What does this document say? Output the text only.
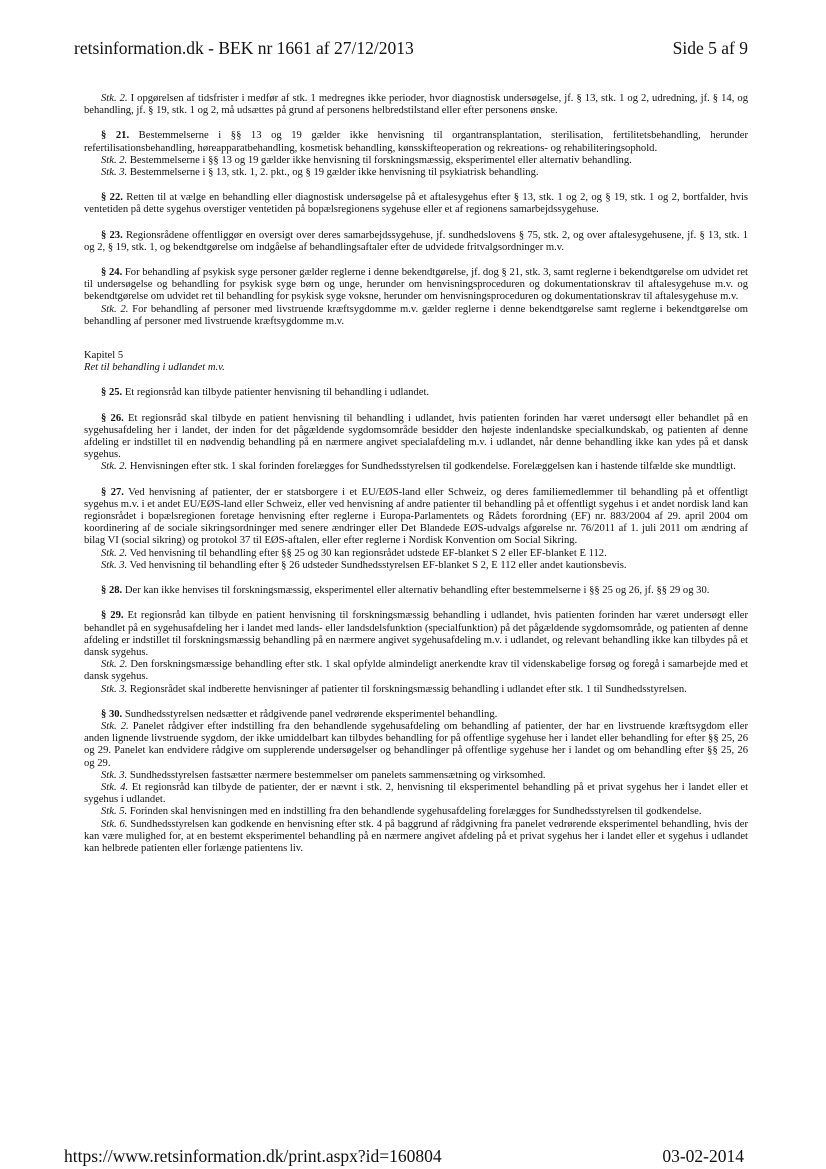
retsinformation.dk - BEK nr 1661 af 27/12/2013	Side 5 af 9

Stk. 2. I opgørelsen af tidsfrister i medfør af stk. 1 medregnes ikke perioder, hvor diagnostisk undersøgelse, jf. § 13, stk. 1 og 2, udredning, jf. § 14, og behandling, jf. § 19, stk. 1 og 2, må udsættes på grund af personens helbredstilstand eller efter personens ønske.

§ 21. Bestemmelserne i §§ 13 og 19 gælder ikke henvisning til organtransplantation, sterilisation, fertilitetsbehandling, herunder refertilisationsbehandling, høreapparatbehandling, kosmetisk behandling, kønsskifteoperation og rekreations- og rehabiliteringsophold.

Stk. 2. Bestemmelserne i §§ 13 og 19 gælder ikke henvisning til forskningsmæssig, eksperimentel eller alternativ behandling.

Stk. 3. Bestemmelserne i § 13, stk. 1, 2. pkt., og § 19 gælder ikke henvisning til psykiatrisk behandling.

§ 22. Retten til at vælge en behandling eller diagnostisk undersøgelse på et aftalesygehus efter § 13, stk. 1 og 2, og § 19, stk. 1 og 2, bortfalder, hvis ventetiden på dette sygehus overstiger ventetiden på bopælsregionens sygehuse eller et af regionens samarbejdssygehuse.

§ 23. Regionsrådene offentliggør en oversigt over deres samarbejdssygehuse, jf. sundhedslovens § 75, stk. 2, og over aftalesygehusene, jf. § 13, stk. 1 og 2, § 19, stk. 1, og bekendtgørelse om indgåelse af behandlingsaftaler efter de udvidede fritvalgsordninger m.v.

§ 24. For behandling af psykisk syge personer gælder reglerne i denne bekendtgørelse, jf. dog § 21, stk. 3, samt reglerne i bekendtgørelse om udvidet ret til undersøgelse og behandling for psykisk syge børn og unge, herunder om henvisningsproceduren og dokumentationskrav til aftalesygehuse m.v. og bekendtgørelse om udvidet ret til behandling for psykisk syge voksne, herunder om henvisningsproceduren og dokumentationskrav til aftalesygehuse m.v.

Stk. 2. For behandling af personer med livstruende kræftsygdomme m.v. gælder reglerne i denne bekendtgørelse samt reglerne i bekendtgørelse om behandling af personer med livstruende kræftsygdomme m.v.

Kapitel 5

Ret til behandling i udlandet m.v.

§ 25. Et regionsråd kan tilbyde patienter henvisning til behandling i udlandet.

§ 26. Et regionsråd skal tilbyde en patient henvisning til behandling i udlandet, hvis patienten forinden har været undersøgt eller behandlet på en sygehusafdeling her i landet, der inden for det pågældende sygdomsområde besidder den højeste indenlandske specialkundskab, og patienten af denne afdeling er indstillet til en nødvendig behandling på en nærmere angivet specialafdeling m.v. i udlandet, når denne behandling ikke kan ydes på et dansk sygehus.

Stk. 2. Henvisningen efter stk. 1 skal forinden forelægges for Sundhedsstyrelsen til godkendelse. Forelæggelsen kan i hastende tilfælde ske mundtligt.

§ 27. Ved henvisning af patienter, der er statsborgere i et EU/EØS-land eller Schweiz, og deres familiemedlemmer til behandling på et offentligt sygehus m.v. i et andet EU/EØS-land eller Schweiz, eller ved henvisning af andre patienter til behandling på et offentligt sygehus i et andet nordisk land kan regionsrådet i bopælsregionen foretage henvisning efter reglerne i Europa-Parlamentets og Rådets forordning (EF) nr. 883/2004 af 29. april 2004 om koordinering af de sociale sikringsordninger med senere ændringer eller Det Blandede EØS-udvalgs afgørelse nr. 76/2011 af 1. juli 2011 om ændring af bilag VI (social sikring) og protokol 37 til EØS-aftalen, eller efter reglerne i Nordisk Konvention om Social Sikring.

Stk. 2. Ved henvisning til behandling efter §§ 25 og 30 kan regionsrådet udstede EF-blanket S 2 eller EF-blanket E 112.

Stk. 3. Ved henvisning til behandling efter § 26 udsteder Sundhedsstyrelsen EF-blanket S 2, E 112 eller andet kautionsbevis.

§ 28. Der kan ikke henvises til forskningsmæssig, eksperimentel eller alternativ behandling efter bestemmelserne i §§ 25 og 26, jf. §§ 29 og 30.

§ 29. Et regionsråd kan tilbyde en patient henvisning til forskningsmæssig behandling i udlandet, hvis patienten forinden har været undersøgt eller behandlet på en sygehusafdeling her i landet med lands- eller landsdelsfunktion (specialfunktion) på det pågældende sygdomsområde, og patienten af denne afdeling er indstillet til forskningsmæssig behandling på en nærmere angivet sygehusafdeling m.v. i udlandet, og relevant behandling ikke kan tilbydes på et dansk sygehus.

Stk. 2. Den forskningsmæssige behandling efter stk. 1 skal opfylde almindeligt anerkendte krav til videnskabelige forsøg og foregå i samarbejde med et dansk sygehus.

Stk. 3. Regionsrådet skal indberette henvisninger af patienter til forskningsmæssig behandling i udlandet efter stk. 1 til Sundhedsstyrelsen.

§ 30. Sundhedsstyrelsen nedsætter et rådgivende panel vedrørende eksperimentel behandling.

Stk. 2. Panelet rådgiver efter indstilling fra den behandlende sygehusafdeling om behandling af patienter, der har en livstruende kræftsygdom eller anden lignende livstruende sygdom, der ikke umiddelbart kan tilbydes behandling for på offentlige sygehuse her i landet eller behandling for efter §§ 25, 26 og 29. Panelet kan endvidere rådgive om supplerende undersøgelser og behandlinger på offentlige sygehuse her i landet og om behandling efter §§ 25, 26 og 29.

Stk. 3. Sundhedsstyrelsen fastsætter nærmere bestemmelser om panelets sammensætning og virksomhed.

Stk. 4. Et regionsråd kan tilbyde de patienter, der er nævnt i stk. 2, henvisning til eksperimentel behandling på et privat sygehus her i landet eller et sygehus i udlandet.

Stk. 5. Forinden skal henvisningen med en indstilling fra den behandlende sygehusafdeling forelægges for Sundhedsstyrelsen til godkendelse.

Stk. 6. Sundhedsstyrelsen kan godkende en henvisning efter stk. 4 på baggrund af rådgivning fra panelet vedrørende eksperimentel behandling, hvis der kan være mulighed for, at en bestemt eksperimentel behandling på en nærmere angivet afdeling på et privat sygehus her i landet eller et sygehus i udlandet kan helbrede patienten eller forlænge patientens liv.

https://www.retsinformation.dk/print.aspx?id=160804	03-02-2014
